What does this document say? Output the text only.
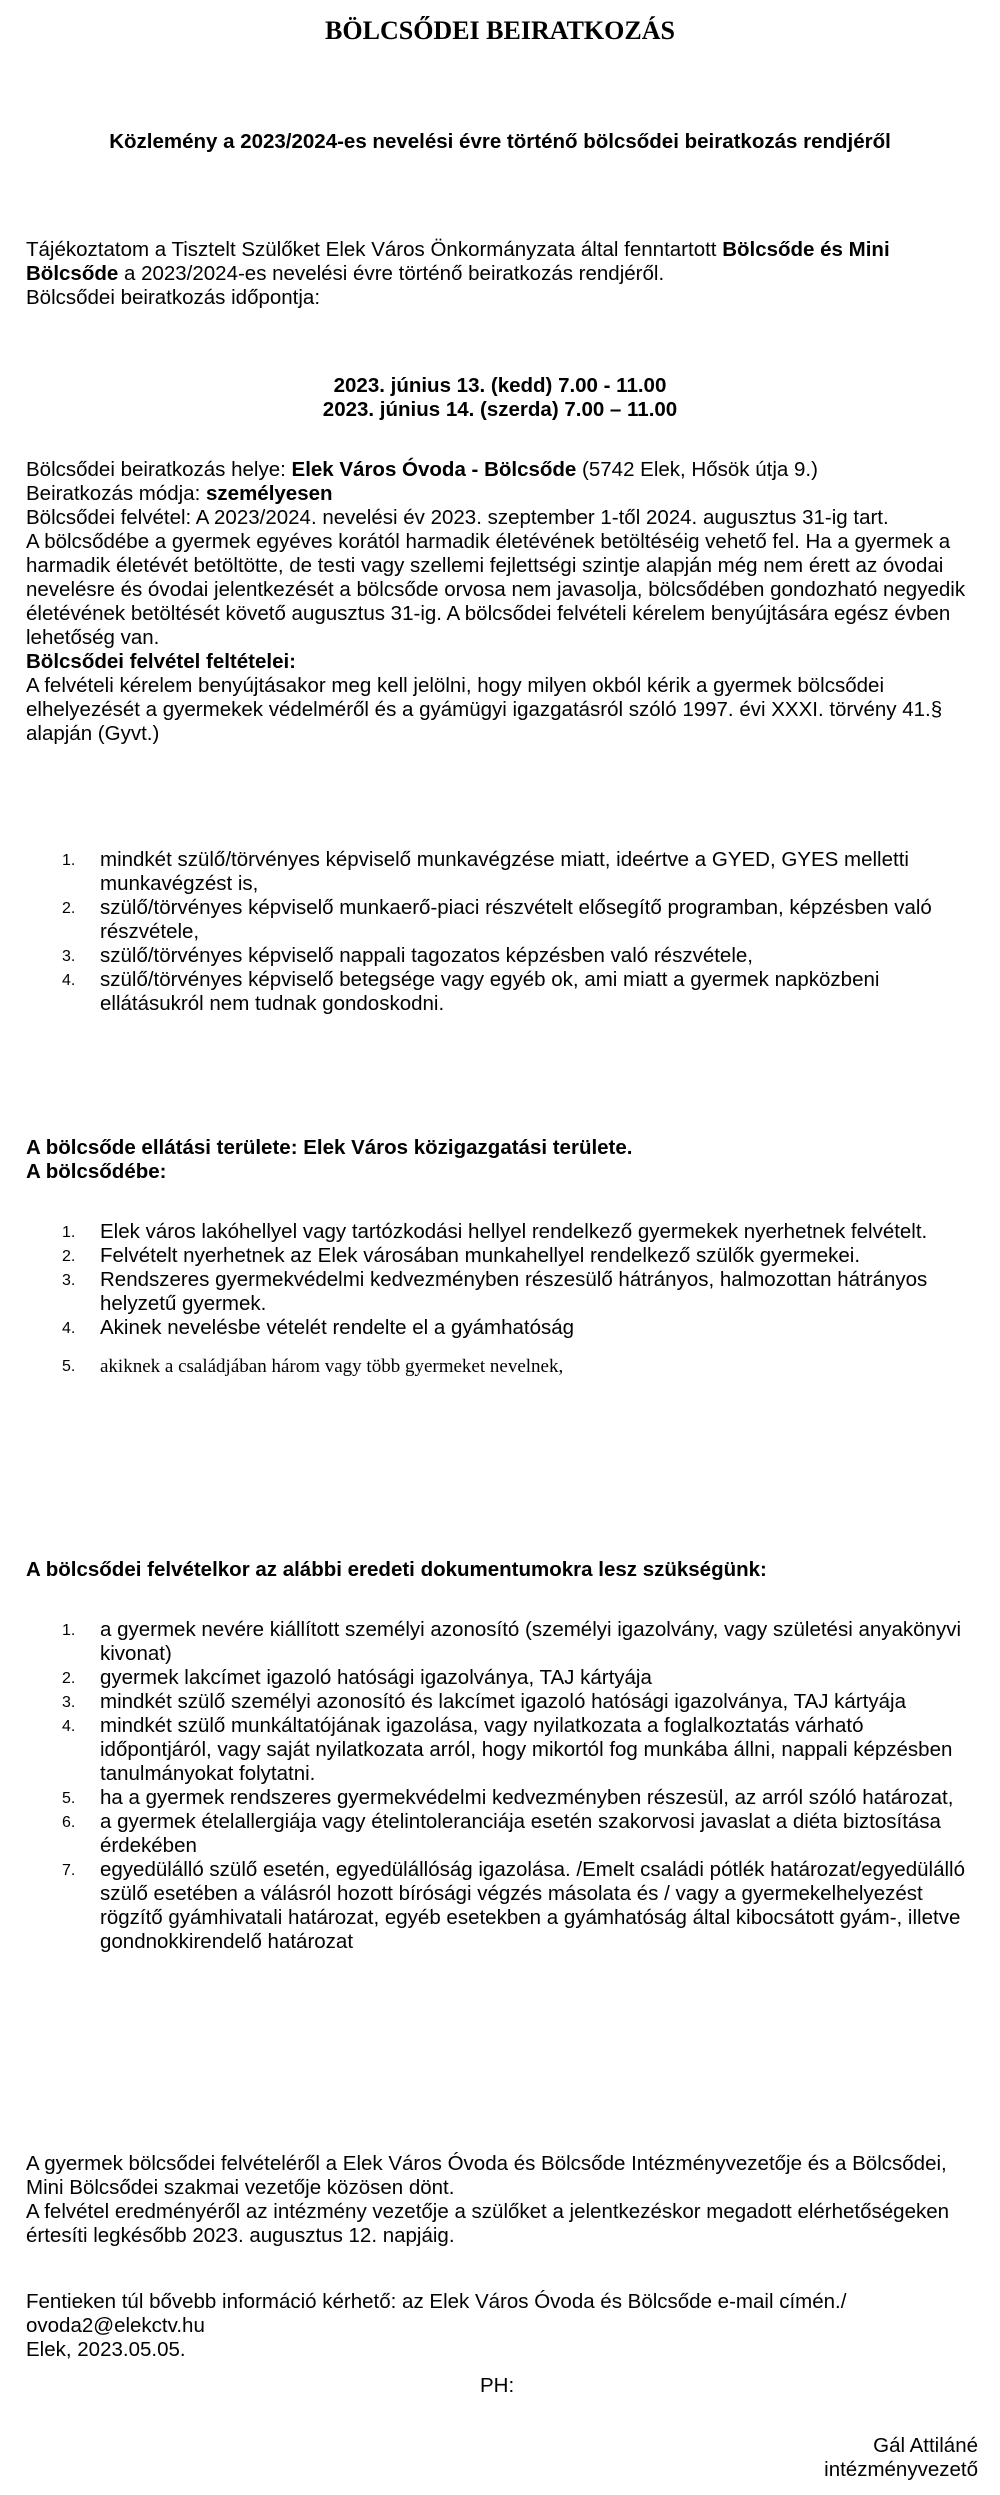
BÖLCSŐDEI BEIRATKOZÁS
Közlemény a 2023/2024-es nevelési évre történő bölcsődei beiratkozás rendjéről
Tájékoztatom a Tisztelt Szülőket Elek Város Önkormányzata által fenntartott Bölcsőde és Mini Bölcsőde a 2023/2024-es nevelési évre történő beiratkozás rendjéről.
Bölcsődei beiratkozás időpontja:
2023. június 13. (kedd) 7.00 - 11.00
2023. június 14. (szerda) 7.00 – 11.00
Bölcsődei beiratkozás helye: Elek Város Óvoda - Bölcsőde (5742 Elek, Hősök útja 9.)
Beiratkozás módja: személyesen
Bölcsődei felvétel: A 2023/2024. nevelési év 2023. szeptember 1-től 2024. augusztus 31-ig tart.
A bölcsődébe a gyermek egyéves korától harmadik életévének betöltéséig vehető fel. Ha a gyermek a harmadik életévét betöltötte, de testi vagy szellemi fejlettségi szintje alapján még nem érett az óvodai nevelésre és óvodai jelentkezését a bölcsőde orvosa nem javasolja, bölcsődében gondozható negyedik életévének betöltését követő augusztus 31-ig. A bölcsődei felvételi kérelem benyújtására egész évben lehetőség van.
Bölcsődei felvétel feltételei:
A felvételi kérelem benyújtásakor meg kell jelölni, hogy milyen okból kérik a gyermek bölcsődei elhelyezését a gyermekek védelméről és a gyámügyi igazgatásról szóló 1997. évi XXXI. törvény 41.§ alapján (Gyvt.)
1. mindkét szülő/törvényes képviselő munkavégzése miatt, ideértve a GYED, GYES melletti munkavégzést is,
2. szülő/törvényes képviselő munkaerő-piaci részvételt elősegítő programban, képzésben való részvétele,
3. szülő/törvényes képviselő nappali tagozatos képzésben való részvétele,
4. szülő/törvényes képviselő betegsége vagy egyéb ok, ami miatt a gyermek napközbeni ellátásukról nem tudnak gondoskodni.
A bölcsőde ellátási területe: Elek Város közigazgatási területe.
A bölcsődébe:
1. Elek város lakóhellyel vagy tartózkodási hellyel rendelkező gyermekek nyerhetnek felvételt.
2. Felvételt nyerhetnek az Elek városában munkahellyel rendelkező szülők gyermekei.
3. Rendszeres gyermekvédelmi kedvezményben részesülő hátrányos, halmozottan hátrányos helyzetű gyermek.
4. Akinek nevelésbe vételét rendelte el a gyámhatóság
5. akiknek a családjában három vagy több gyermeket nevelnek,
A bölcsődei felvételkor az alábbi eredeti dokumentumokra lesz szükségünk:
1. a gyermek nevére kiállított személyi azonosító (személyi igazolvány, vagy születési anyakönyvi kivonat)
2. gyermek lakcímet igazoló hatósági igazolványa, TAJ kártyája
3. mindkét szülő személyi azonosító és lakcímet igazoló hatósági igazolványa, TAJ kártyája
4. mindkét szülő munkáltatójának igazolása, vagy nyilatkozata a foglalkoztatás várható időpontjáról, vagy saját nyilatkozata arról, hogy mikortól fog munkába állni, nappali képzésben tanulmányokat folytatni.
5. ha a gyermek rendszeres gyermekvédelmi kedvezményben részesül, az arról szóló határozat,
6. a gyermek ételallergiája vagy ételintoleranciája esetén szakorvosi javaslat a diéta biztosítása érdekében
7. egyedülálló szülő esetén, egyedülállóság igazolása. /Emelt családi pótlék határozat/egyedülálló szülő esetében a válásról hozott bírósági végzés másolata és / vagy a gyermekelhelyezést rögzítő gyámhivatali határozat, egyéb esetekben a gyámhatóság által kibocsátott gyám-, illetve gondnokkirendelő határozat
A gyermek bölcsődei felvételéről a Elek Város Óvoda és Bölcsőde Intézményvezetője és a Bölcsődei, Mini Bölcsődei szakmai vezetője közösen dönt.
A felvétel eredményéről az intézmény vezetője a szülőket a jelentkezéskor megadott elérhetőségeken értesíti legkésőbb 2023. augusztus 12. napjáig.
Fentieken túl bővebb információ kérhető: az Elek Város Óvoda és Bölcsőde e-mail címén./ ovoda2@elekctv.hu
Elek, 2023.05.05.
PH:
Gál Attiláné
intézményvezető
